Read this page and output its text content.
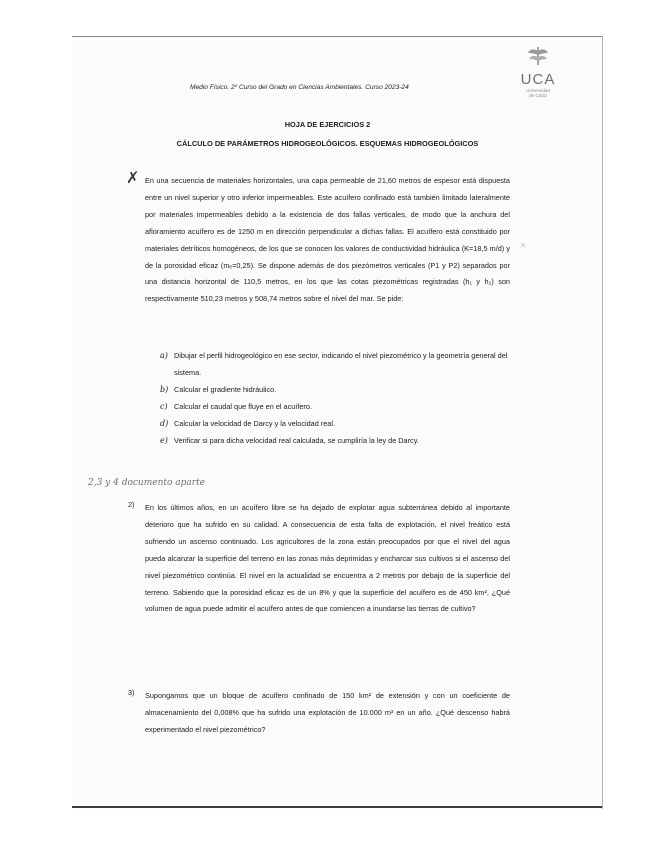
Medio Físico. 2º Curso del Grado en Ciencias Ambientales. Curso 2023-24	UCA
Universidad
de Cádiz
HOJA DE EJERCICIOS 2
CÁLCULO DE PARÁMETROS HIDROGEOLÓGICOS. ESQUEMAS HIDROGEOLÓGICOS
✗
×
En una secuencia de materiales horizontales, una capa permeable de 21,60 metros de espesor está dispuesta entre un nivel superior y otro inferior impermeables. Este acuífero confinado está también limitado lateralmente por materiales impermeables debido a la existencia de dos fallas verticales, de modo que la anchura del afloramiento acuífero es de 1250 m en dirección perpendicular a dichas fallas. El acuífero está constituido por materiales detríticos homogéneos, de los que se conocen los valores de conductividad hidráulica (K=18,5 m/d) y de la porosidad eficaz (mₑ=0,25). Se dispone además de dos piezómetros verticales (P1 y P2) separados por una distancia horizontal de 110,5 metros, en los que las cotas piezométricas registradas (h₁ y h₂) son respectivamente 510,23 metros y 508,74 metros sobre el nivel del mar. Se pide:
a) Dibujar el perfil hidrogeológico en ese sector, indicando el nivel piezométrico y la geometría general del sistema.
b) Calcular el gradiente hidráulico.
c) Calcular el caudal que fluye en el acuífero.
d) Calcular la velocidad de Darcy y la velocidad real.
e) Verificar si para dicha velocidad real calculada, se cumpliría la ley de Darcy.
2,3 y 4 documento aparte
2) En los últimos años, en un acuífero libre se ha dejado de explotar agua subterránea debido al importante deterioro que ha sufrido en su calidad. A consecuencia de esta falta de explotación, el nivel freático está sufriendo un ascenso continuado. Los agricultores de la zona están preocupados por que el nivel del agua pueda alcanzar la superficie del terreno en las zonas más deprimidas y encharcar sus cultivos si el ascenso del nivel piezométrico continúa. El nivel en la actualidad se encuentra a 2 metros por debajo de la superficie del terreno. Sabiendo que la porosidad eficaz es de un 8% y que la superficie del acuífero es de 450 km², ¿Qué volumen de agua puede admitir el acuífero antes de que comiencen a inundarse las tierras de cultivo?
3) Supongamos que un bloque de acuífero confinado de 150 km² de extensión y con un coeficiente de almacenamiento del 0,008% que ha sufrido una explotación de 10.000 m³ en un año. ¿Qué descenso habrá experimentado el nivel piezométrico?
